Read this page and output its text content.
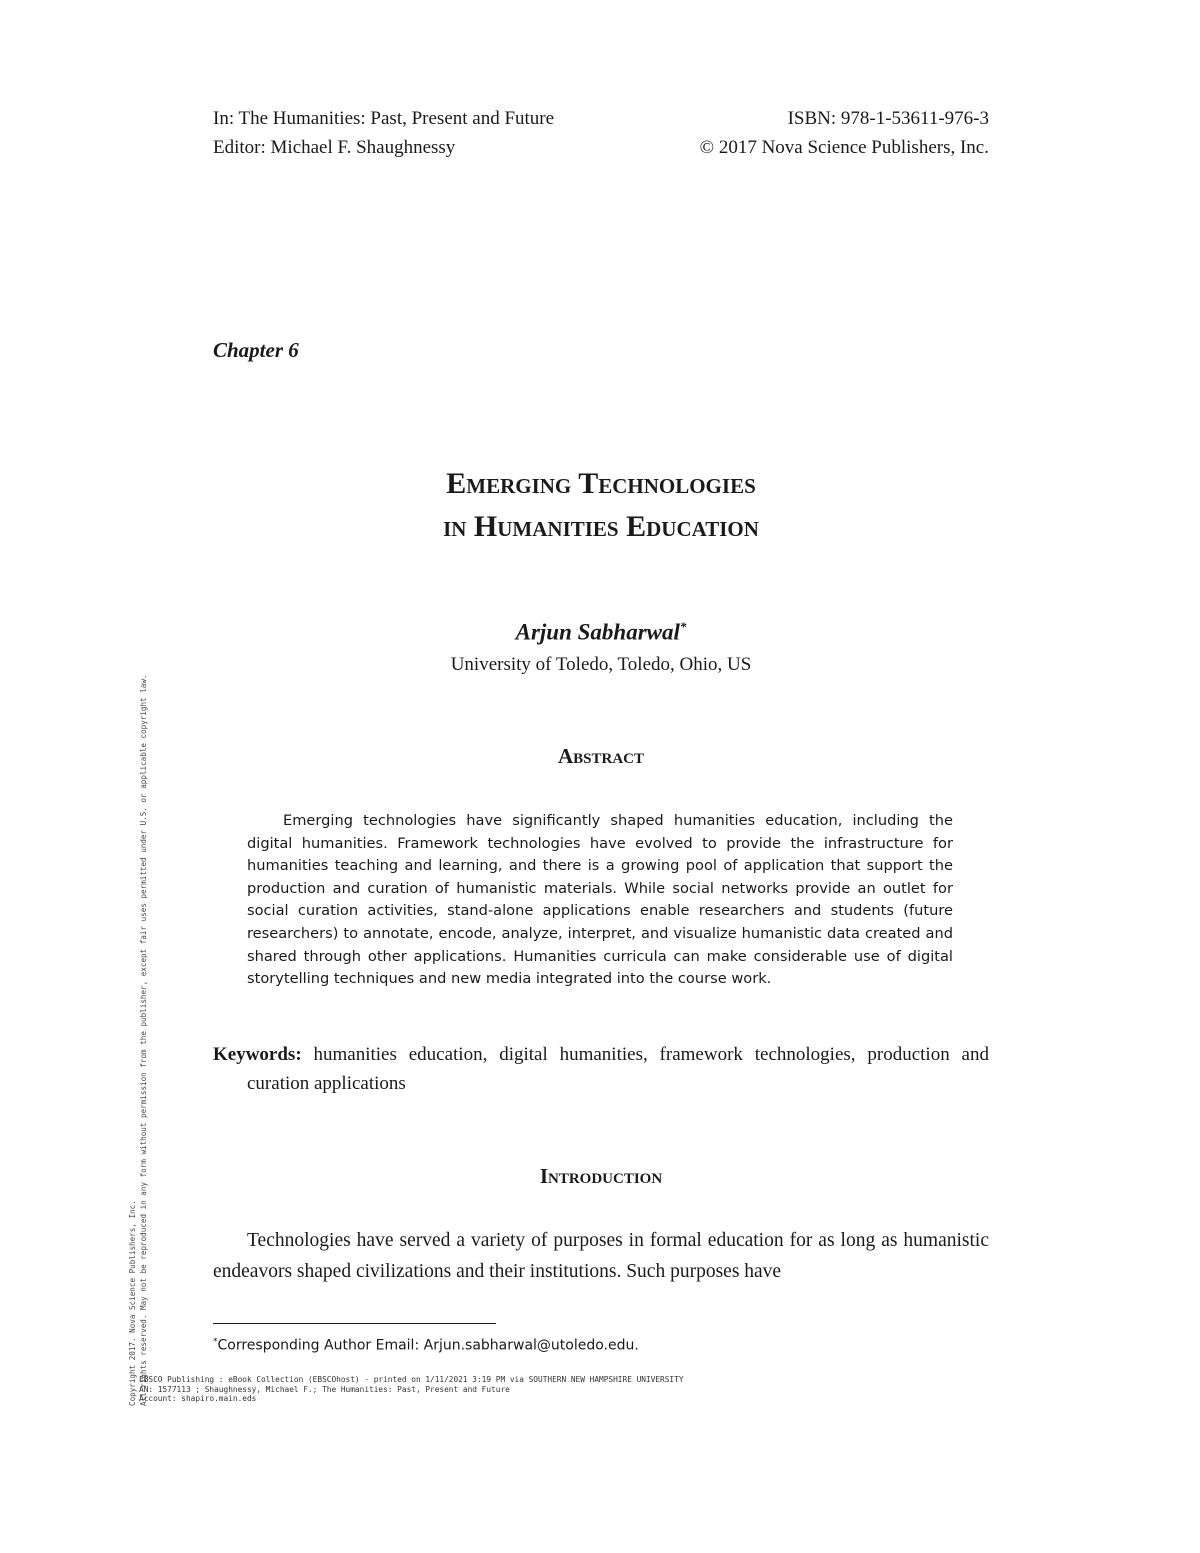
In: The Humanities: Past, Present and Future
Editor: Michael F. Shaughnessy
ISBN: 978-1-53611-976-3
© 2017 Nova Science Publishers, Inc.
Chapter 6
Emerging Technologies
in Humanities Education
Arjun Sabharwal*
University of Toledo, Toledo, Ohio, US
Abstract

Emerging technologies have significantly shaped humanities education, including the digital humanities. Framework technologies have evolved to provide the infrastructure for humanities teaching and learning, and there is a growing pool of application that support the production and curation of humanistic materials. While social networks provide an outlet for social curation activities, stand-alone applications enable researchers and students (future researchers) to annotate, encode, analyze, interpret, and visualize humanistic data created and shared through other applications. Humanities curricula can make considerable use of digital storytelling techniques and new media integrated into the course work.

Keywords: humanities education, digital humanities, framework technologies, production and curation applications

Introduction

Technologies have served a variety of purposes in formal education for as long as humanistic endeavors shaped civilizations and their institutions. Such purposes have

*Corresponding Author Email: Arjun.sabharwal@utoledo.edu.
EBSCO Publishing : eBook Collection (EBSCOhost) - printed on 1/11/2021 3:19 PM via SOUTHERN NEW HAMPSHIRE UNIVERSITY
AN: 1577113 ; Shaughnessy, Michael F.; The Humanities: Past, Present and Future
Account: shapiro.main.eds
Copyright 2017. Nova Science Publishers, Inc. All rights reserved. May not be reproduced in any form without permission from the publisher, except fair uses permitted under U.S. or applicable copyright law.
